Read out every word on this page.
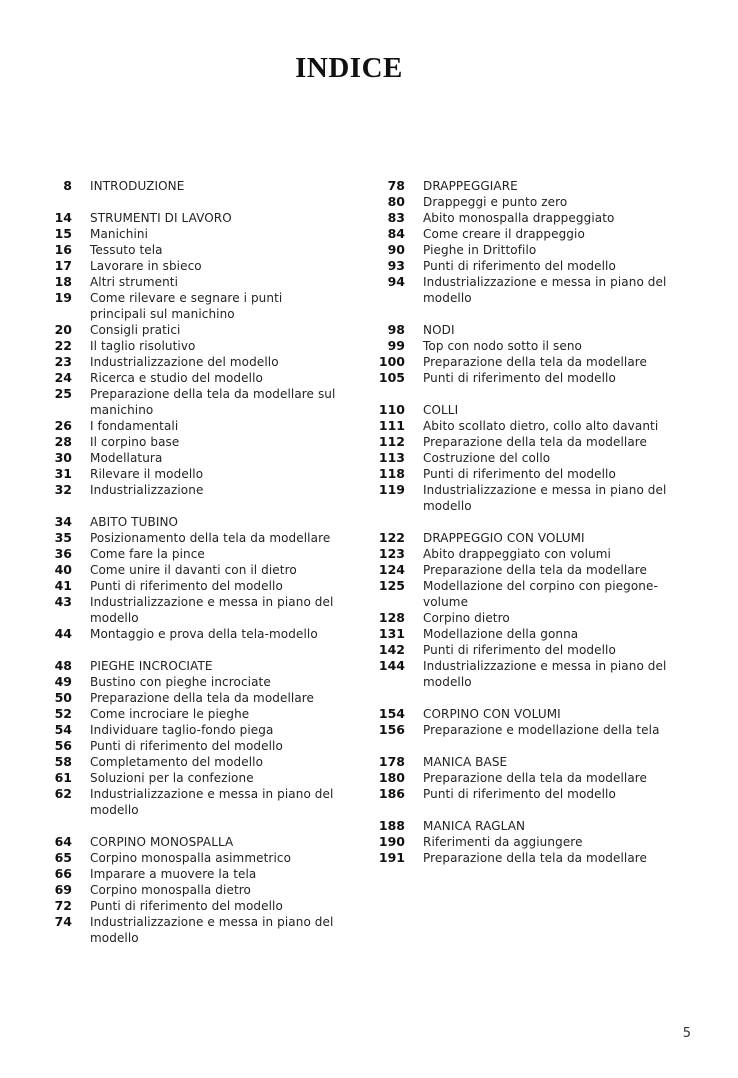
INDICE
8	INTRODUZIONE
14	STRUMENTI DI LAVORO
15	Manichini
16	Tessuto tela
17	Lavorare in sbieco
18	Altri strumenti
19	Come rilevare e segnare i punti principali sul manichino
20	Consigli pratici
22	Il taglio risolutivo
23	Industrializzazione del modello
24	Ricerca e studio del modello
25	Preparazione della tela da modellare sul manichino
26	I fondamentali
28	Il corpino base
30	Modellatura
31	Rilevare il modello
32	Industrializzazione
34	ABITO TUBINO
35	Posizionamento della tela da modellare
36	Come fare la pince
40	Come unire il davanti con il dietro
41	Punti di riferimento del modello
43	Industrializzazione e messa in piano del modello
44	Montaggio e prova della tela-modello
48	PIEGHE INCROCIATE
49	Bustino con pieghe incrociate
50	Preparazione della tela da modellare
52	Come incrociare le pieghe
54	Individuare taglio-fondo piega
56	Punti di riferimento del modello
58	Completamento del modello
61	Soluzioni per la confezione
62	Industrializzazione e messa in piano del modello
64	CORPINO MONOSPALLA
65	Corpino monospalla asimmetrico
66	Imparare a muovere la tela
69	Corpino monospalla dietro
72	Punti di riferimento del modello
74	Industrializzazione e messa in piano del modello
78	DRAPPEGGIARE
80	Drappeggi e punto zero
83	Abito monospalla drappeggiato
84	Come creare il drappeggio
90	Pieghe in Drittofilo
93	Punti di riferimento del modello
94	Industrializzazione e messa in piano del modello
98	NODI
99	Top con nodo sotto il seno
100	Preparazione della tela da modellare
105	Punti di riferimento del modello
110	COLLI
111	Abito scollato dietro, collo alto davanti
112	Preparazione della tela da modellare
113	Costruzione del collo
118	Punti di riferimento del modello
119	Industrializzazione e messa in piano del modello
122	DRAPPEGGIO CON VOLUMI
123	Abito drappeggiato con volumi
124	Preparazione della tela da modellare
125	Modellazione del corpino con piegone-volume
128	Corpino dietro
131	Modellazione della gonna
142	Punti di riferimento del modello
144	Industrializzazione e messa in piano del modello
154	CORPINO CON VOLUMI
156	Preparazione e modellazione della tela
178	MANICA BASE
180	Preparazione della tela da modellare
186	Punti di riferimento del modello
188	MANICA RAGLAN
190	Riferimenti da aggiungere
191	Preparazione della tela da modellare
5
